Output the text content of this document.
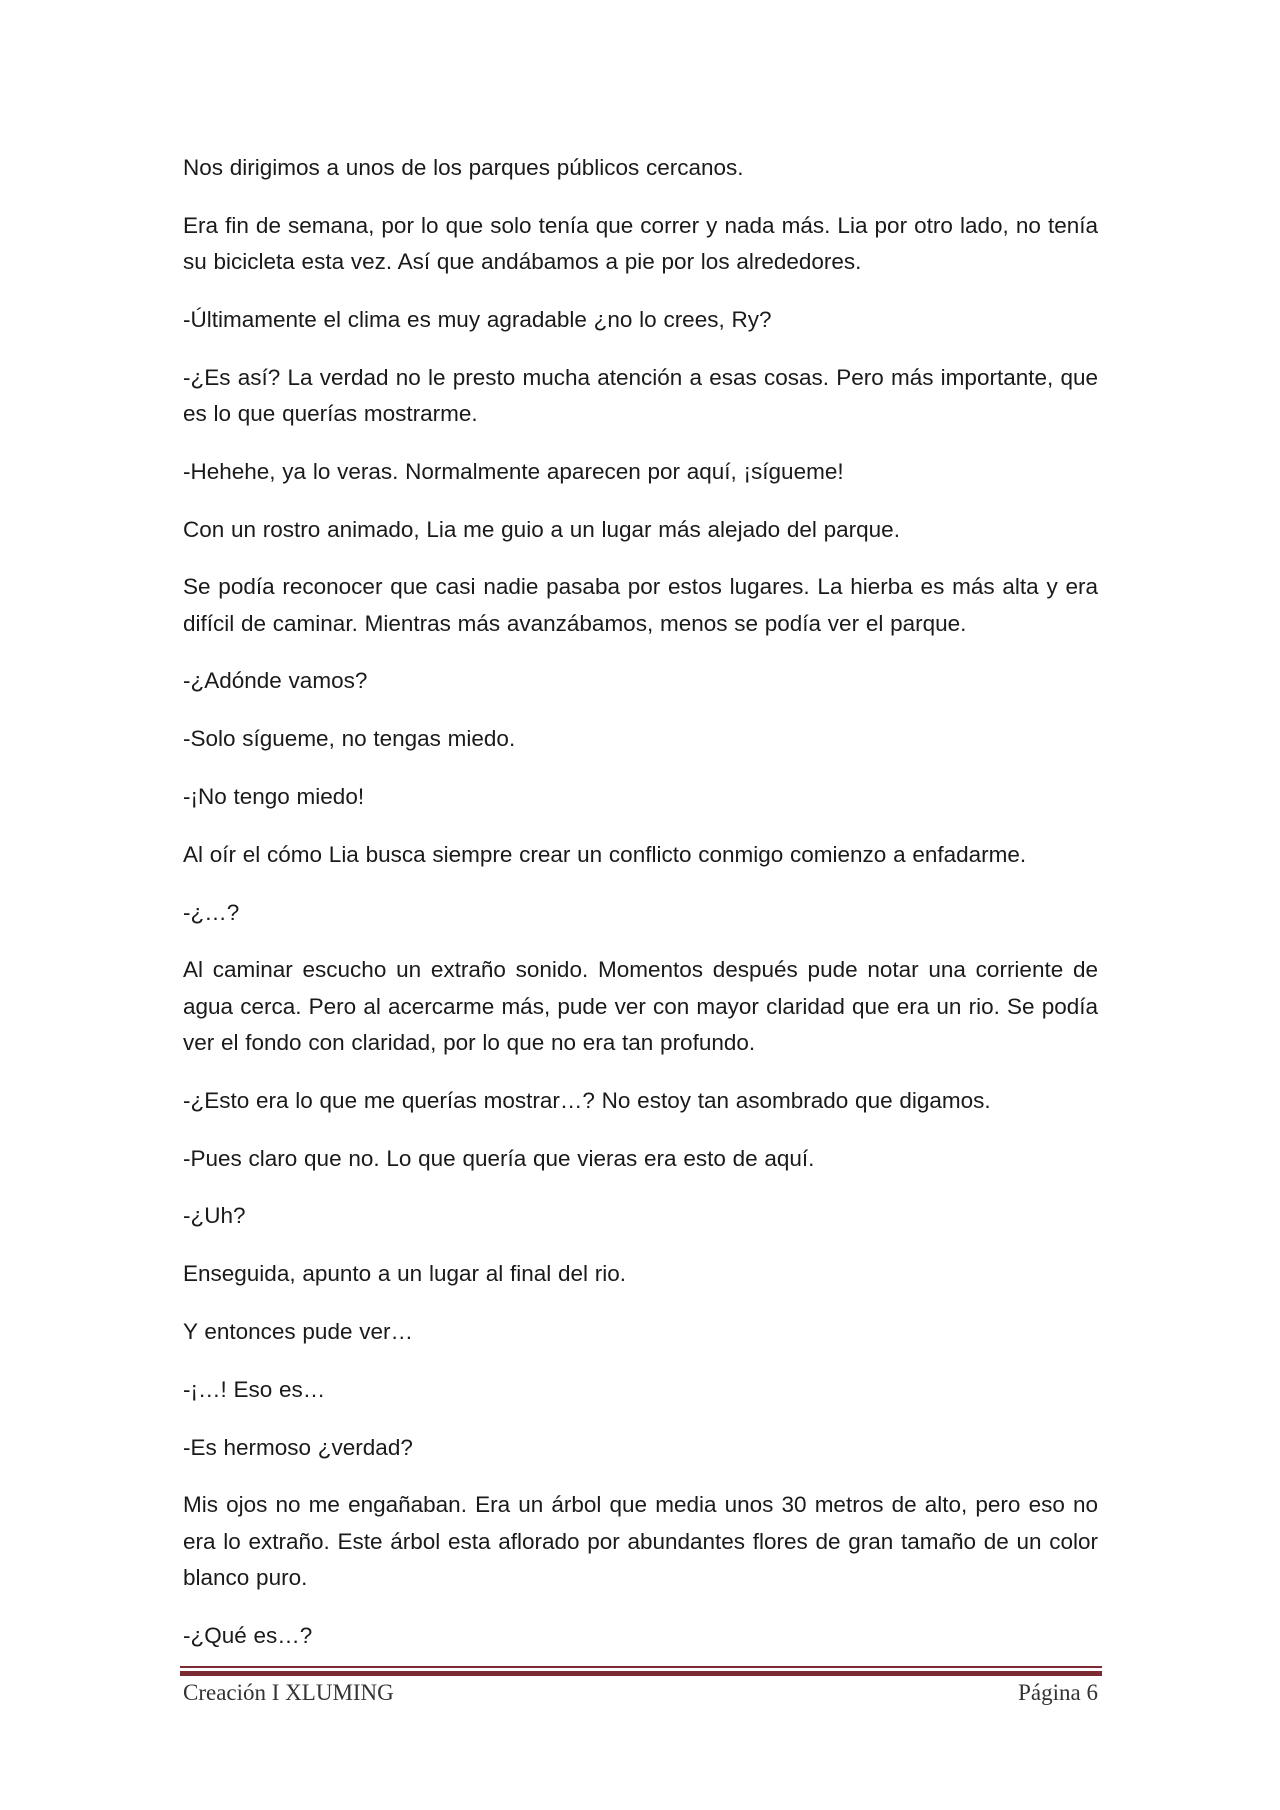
Nos dirigimos a unos de los parques públicos cercanos.

Era fin de semana, por lo que solo tenía que correr y nada más. Lia por otro lado, no tenía su bicicleta esta vez. Así que andábamos a pie por los alrededores.

-Últimamente el clima es muy agradable ¿no lo crees, Ry?

-¿Es así? La verdad no le presto mucha atención a esas cosas. Pero más importante, que es lo que querías mostrarme.

-Hehehe, ya lo veras. Normalmente aparecen por aquí, ¡sígueme!

Con un rostro animado, Lia me guio a un lugar más alejado del parque.

Se podía reconocer que casi nadie pasaba por estos lugares. La hierba es más alta y era difícil de caminar. Mientras más avanzábamos, menos se podía ver el parque.

-¿Adónde vamos?

-Solo sígueme, no tengas miedo.

-¡No tengo miedo!

Al oír el cómo Lia busca siempre crear un conflicto conmigo comienzo a enfadarme.

-¿…?

Al caminar escucho un extraño sonido. Momentos después pude notar una corriente de agua cerca. Pero al acercarme más, pude ver con mayor claridad que era un rio. Se podía ver el fondo con claridad, por lo que no era tan profundo.

-¿Esto era lo que me querías mostrar…? No estoy tan asombrado que digamos.

-Pues claro que no. Lo que quería que vieras era esto de aquí.

-¿Uh?

Enseguida, apunto a un lugar al final del rio.

Y entonces pude ver…

-¡…! Eso es…

-Es hermoso ¿verdad?

Mis ojos no me engañaban. Era un árbol que media unos 30 metros de alto, pero eso no era lo extraño. Este árbol esta aflorado por abundantes flores de gran tamaño de un color blanco puro.

-¿Qué es…?

Creación I XLUMING	Página 6
